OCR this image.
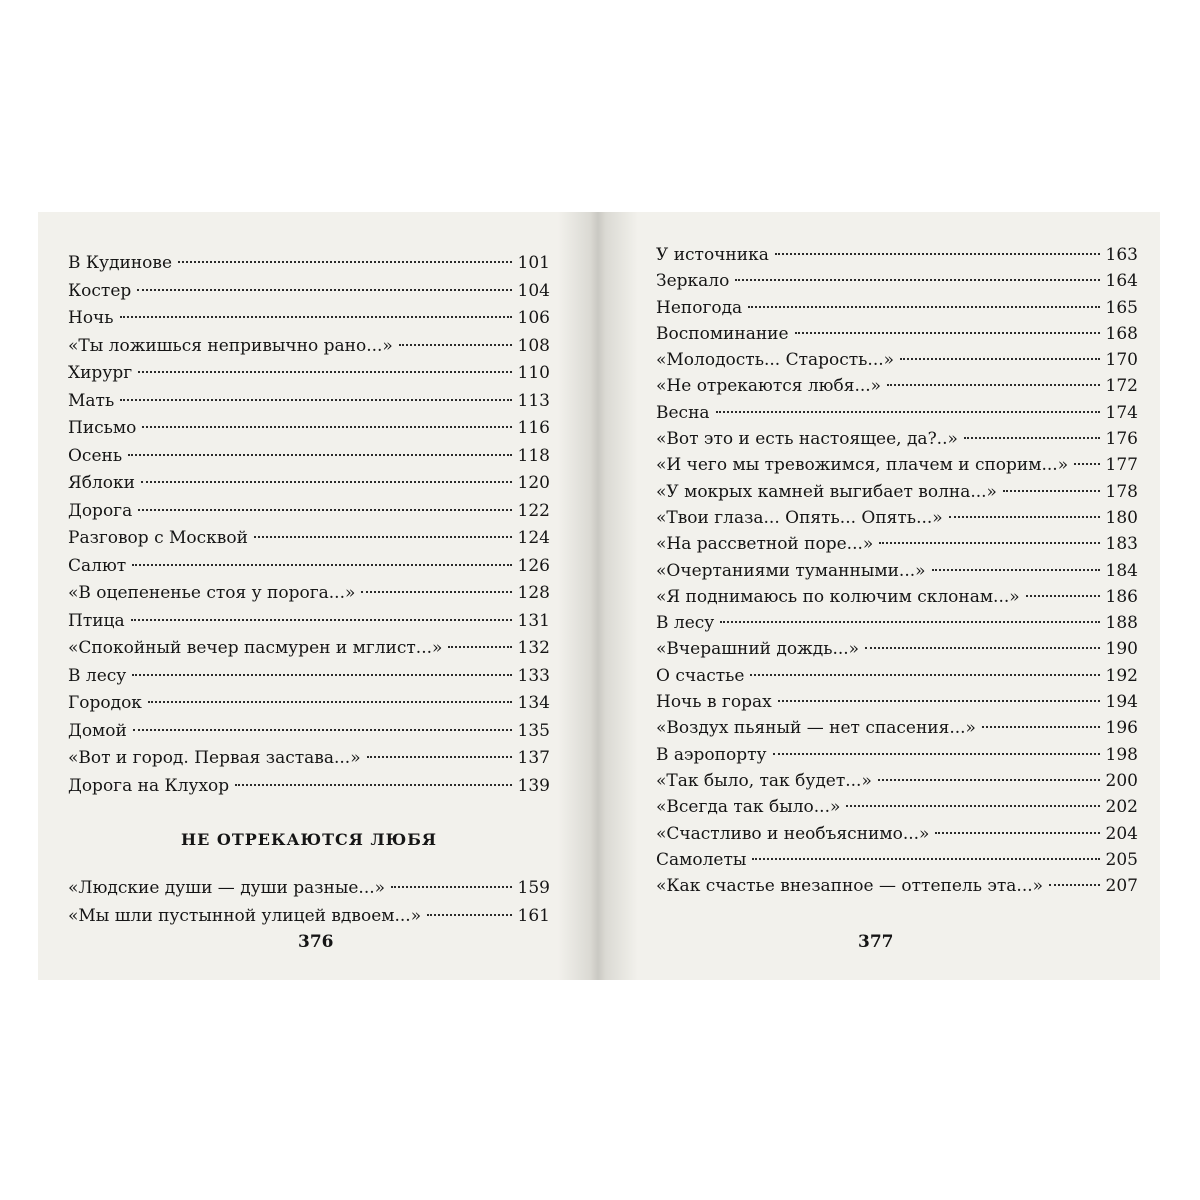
В Кудинове	101
Костер	104
Ночь	106
«Ты ложишься непривычно рано...»	108
Хирург	110
Мать	113
Письмо	116
Осень	118
Яблоки	120
Дорога	122
Разговор с Москвой	124
Салют	126
«В оцепененье стоя у порога...»	128
Птица	131
«Спокойный вечер пасмурен и мглист...»	132
В лесу	133
Городок	134
Домой	135
«Вот и город. Первая застава...»	137
Дорога на Клухор	139
НЕ ОТРЕКАЮТСЯ ЛЮБЯ
«Людские души — души разные...»	159
«Мы шли пустынной улицей вдвоем...»	161
376
У источника	163
Зеркало	164
Непогода	165
Воспоминание	168
«Молодость... Старость...»	170
«Не отрекаются любя...»	172
Весна	174
«Вот это и есть настоящее, да?..»	176
«И чего мы тревожимся, плачем и спорим...» 177
«У мокрых камней выгибает волна...»	178
«Твои глаза... Опять... Опять...»	180
«На рассветной поре...»	183
«Очертаниями туманными...»	184
«Я поднимаюсь по колючим склонам...»	186
В лесу	188
«Вчерашний дождь...»	190
О счастье	192
Ночь в горах	194
«Воздух пьяный — нет спасения...»	196
В аэропорту	198
«Так было, так будет...»	200
«Всегда так было...»	202
«Счастливо и необъяснимо...»	204
Самолеты	205
«Как счастье внезапное — оттепель эта...»	207
377
